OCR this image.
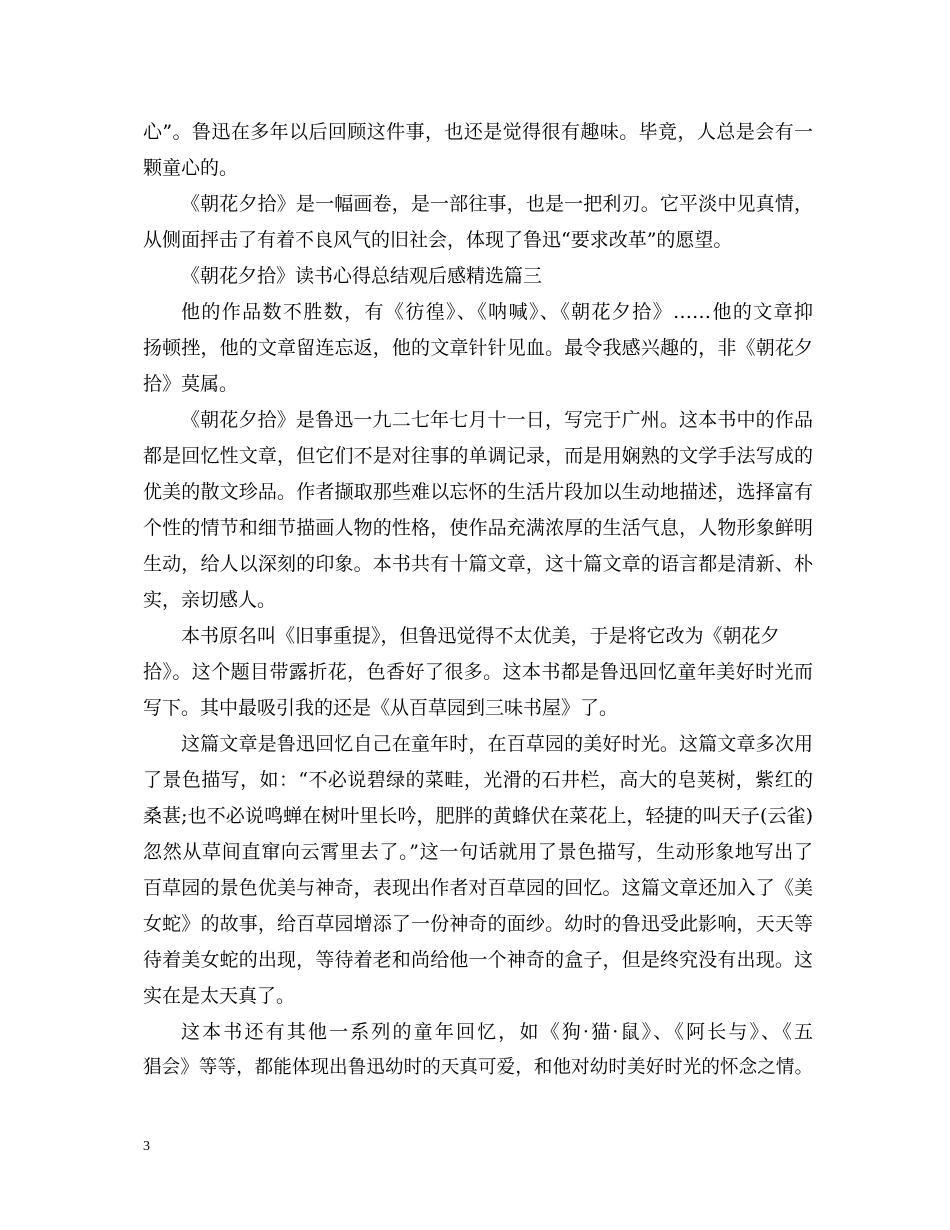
心”。鲁迅在多年以后回顾这件事，也还是觉得很有趣味。毕竟，人总是会有一
颗童心的。
《朝花夕拾》是一幅画卷，是一部往事，也是一把利刃。它平淡中见真情，
从侧面抨击了有着不良风气的旧社会，体现了鲁迅“要求改革”的愿望。
《朝花夕拾》读书心得总结观后感精选篇三
他的作品数不胜数，有《彷徨》、《呐喊》、《朝花夕拾》……他的文章抑
扬顿挫，他的文章留连忘返，他的文章针针见血。最令我感兴趣的，非《朝花夕
拾》莫属。
《朝花夕拾》是鲁迅一九二七年七月十一日，写完于广州。这本书中的作品
都是回忆性文章，但它们不是对往事的单调记录，而是用娴熟的文学手法写成的
优美的散文珍品。作者撷取那些难以忘怀的生活片段加以生动地描述，选择富有
个性的情节和细节描画人物的性格，使作品充满浓厚的生活气息，人物形象鲜明
生动，给人以深刻的印象。本书共有十篇文章，这十篇文章的语言都是清新、朴
实，亲切感人。
本书原名叫《旧事重提》，但鲁迅觉得不太优美，于是将它改为《朝花夕
拾》。这个题目带露折花，色香好了很多。这本书都是鲁迅回忆童年美好时光而
写下。其中最吸引我的还是《从百草园到三味书屋》了。
这篇文章是鲁迅回忆自己在童年时，在百草园的美好时光。这篇文章多次用
了景色描写，如：“不必说碧绿的菜畦，光滑的石井栏，高大的皂荚树，紫红的
桑葚;也不必说鸣蝉在树叶里长吟，肥胖的黄蜂伏在菜花上，轻捷的叫天子(云雀)
忽然从草间直窜向云霄里去了。”这一句话就用了景色描写，生动形象地写出了
百草园的景色优美与神奇，表现出作者对百草园的回忆。这篇文章还加入了《美
女蛇》的故事，给百草园增添了一份神奇的面纱。幼时的鲁迅受此影响，天天等
待着美女蛇的出现，等待着老和尚给他一个神奇的盒子，但是终究没有出现。这
实在是太天真了。
这本书还有其他一系列的童年回忆，如《狗·猫·鼠》、《阿长与》、《五
猖会》等等，都能体现出鲁迅幼时的天真可爱，和他对幼时美好时光的怀念之情。
3
